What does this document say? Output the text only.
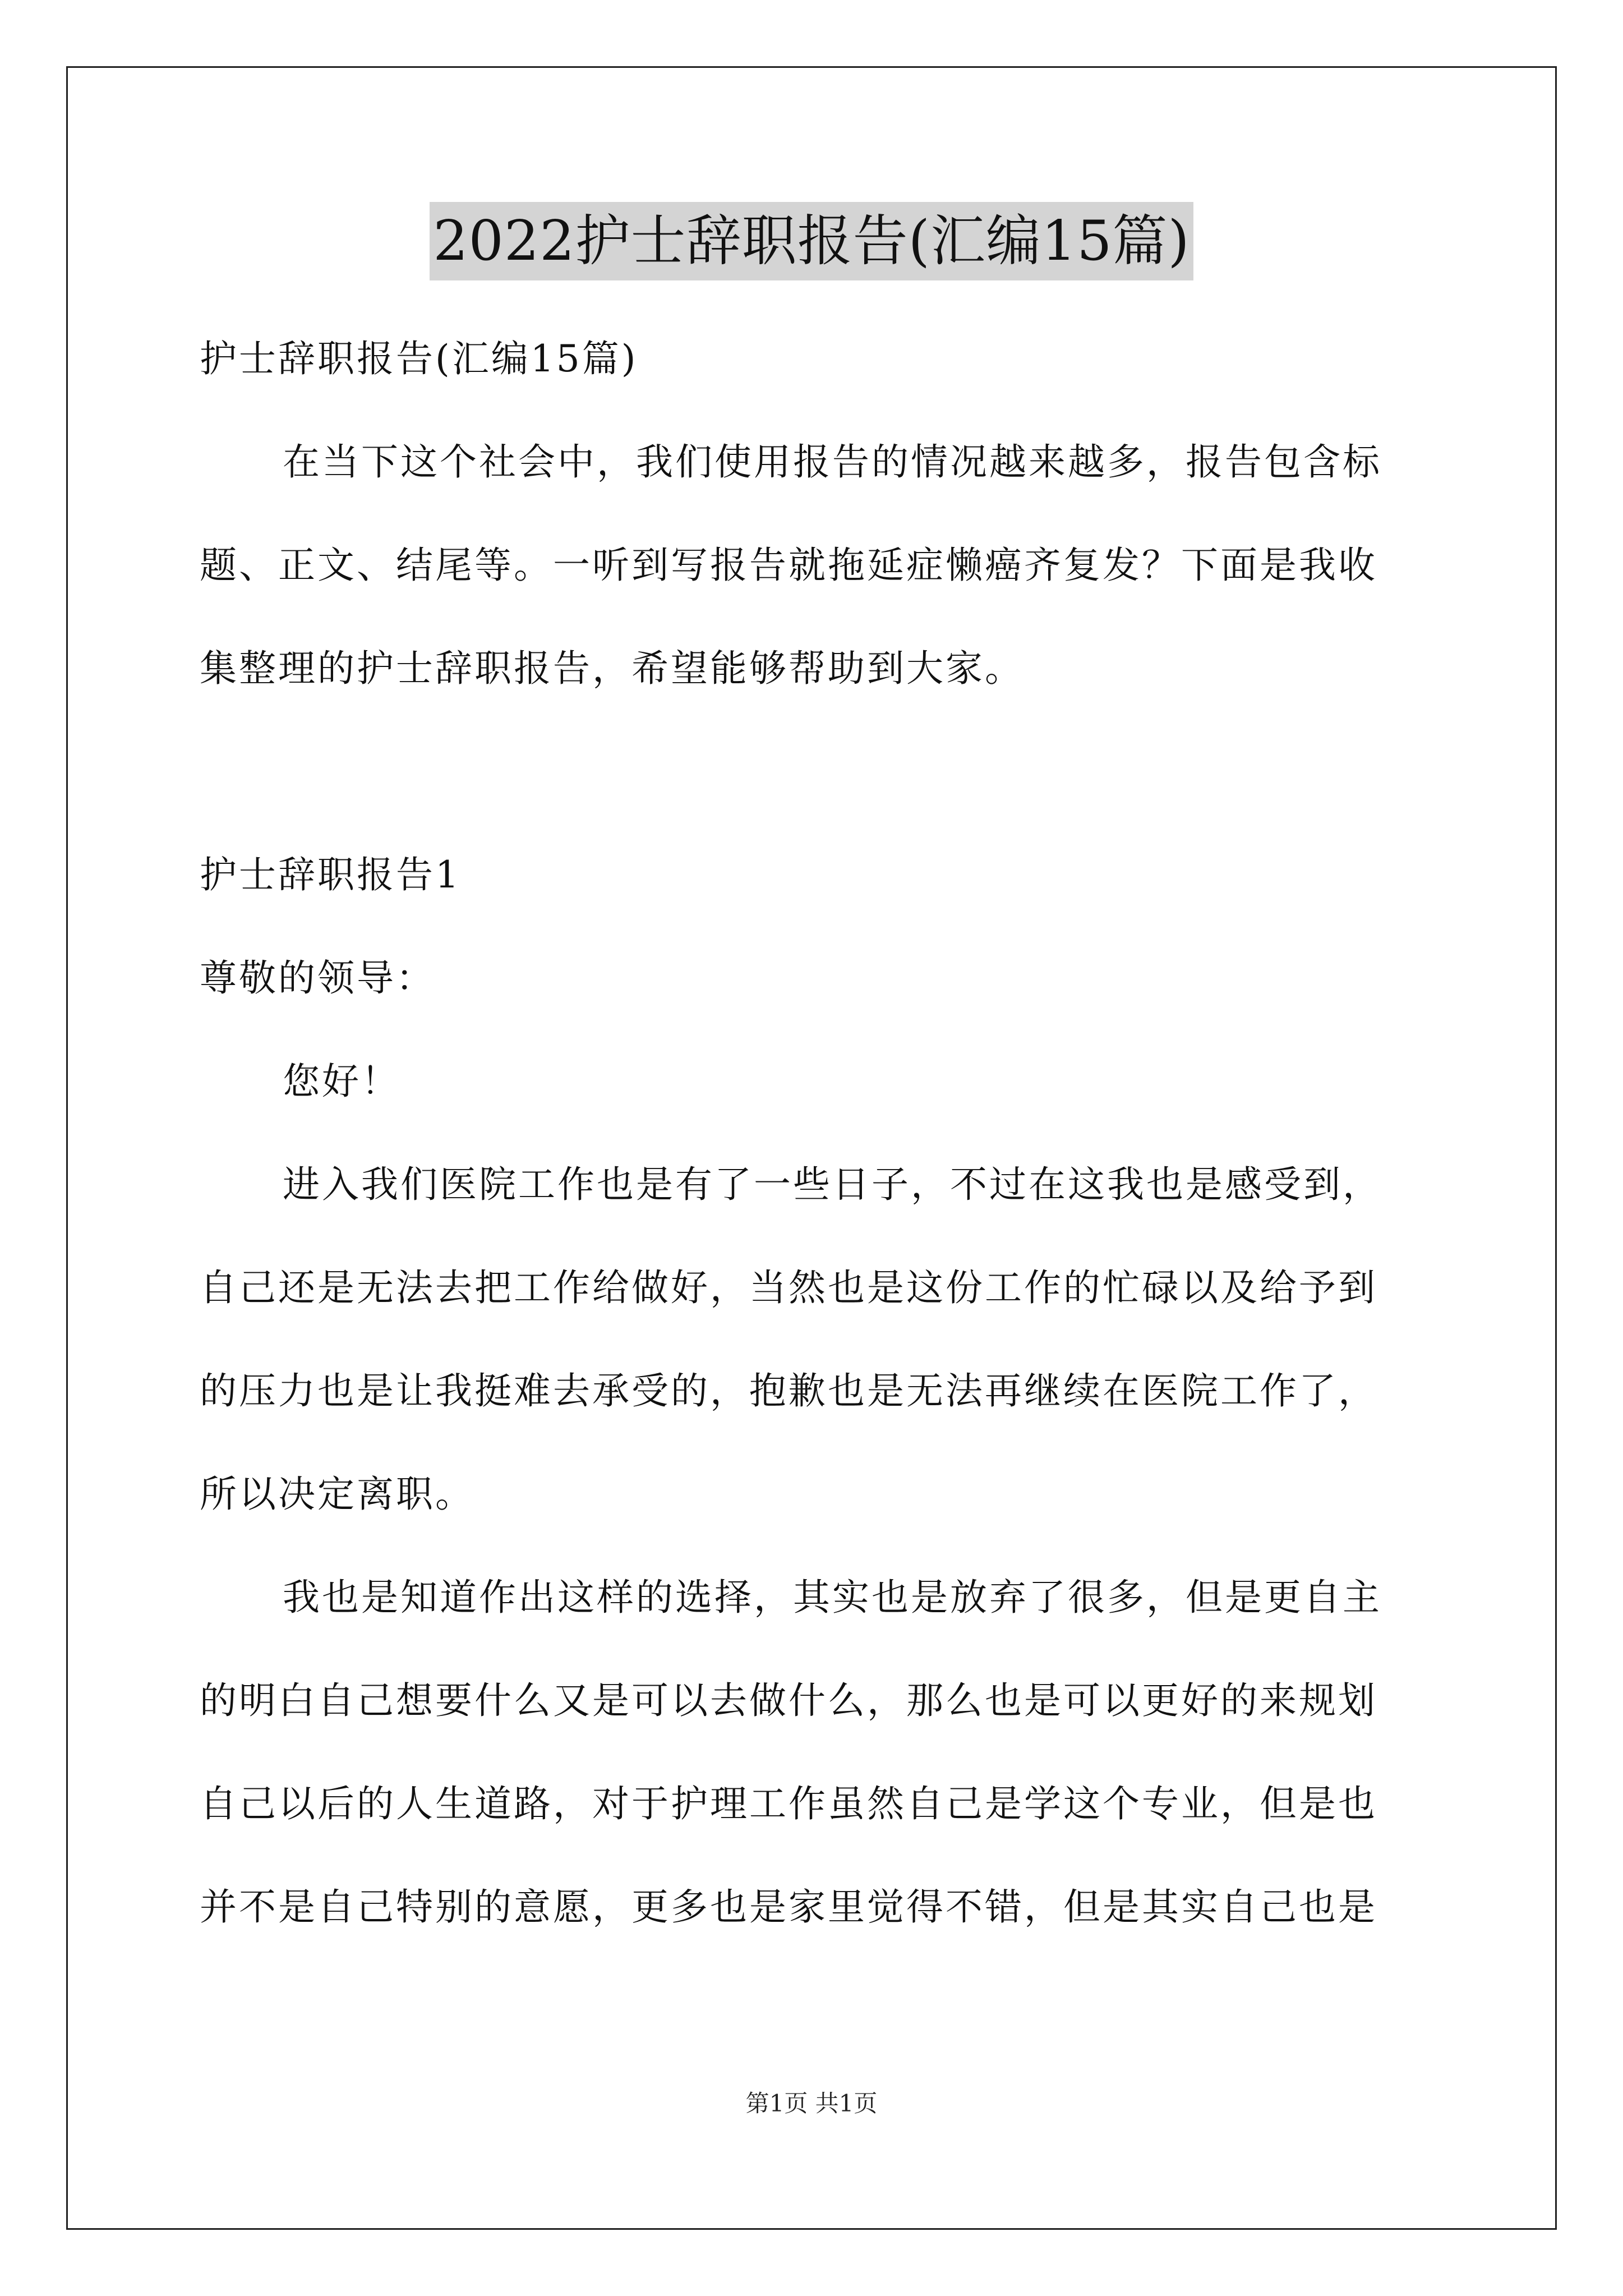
2022护士辞职报告(汇编15篇)
护士辞职报告(汇编15篇)
在当下这个社会中，我们使用报告的情况越来越多，报告包含标
题、正文、结尾等。一听到写报告就拖延症懒癌齐复发？下面是我收
集整理的护士辞职报告，希望能够帮助到大家。
护士辞职报告1
尊敬的领导：
您好！
进入我们医院工作也是有了一些日子，不过在这我也是感受到，
自己还是无法去把工作给做好，当然也是这份工作的忙碌以及给予到
的压力也是让我挺难去承受的，抱歉也是无法再继续在医院工作了，
所以决定离职。
我也是知道作出这样的选择，其实也是放弃了很多，但是更自主
的明白自己想要什么又是可以去做什么，那么也是可以更好的来规划
自己以后的人生道路，对于护理工作虽然自己是学这个专业，但是也
并不是自己特别的意愿，更多也是家里觉得不错，但是其实自己也是
第1页 共1页
